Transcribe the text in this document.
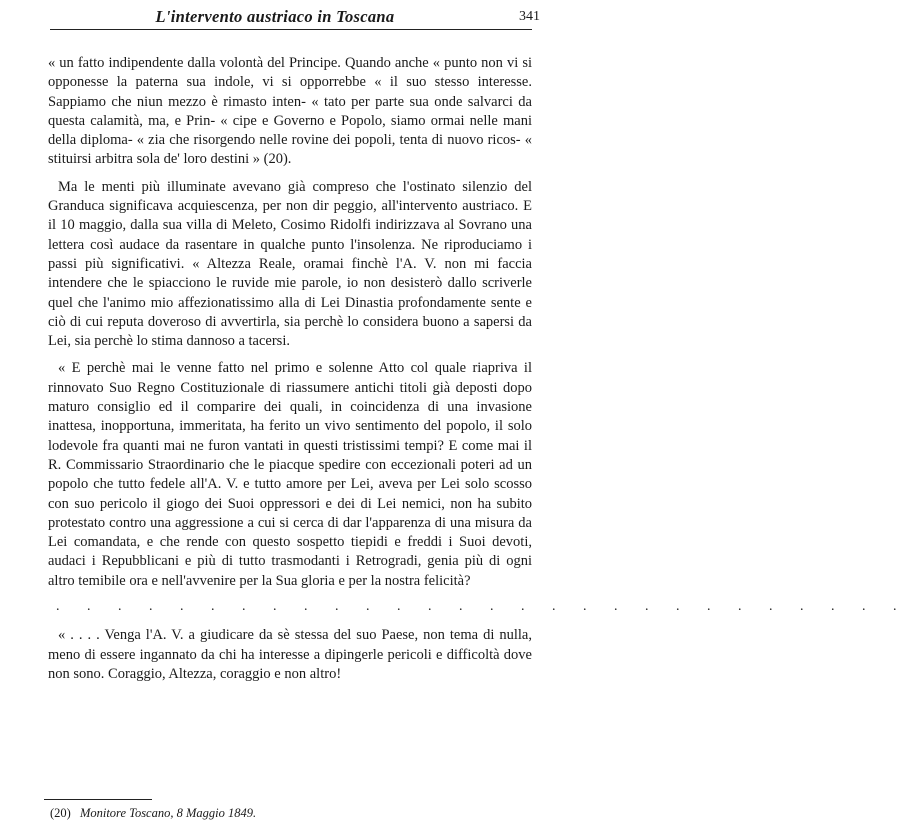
L'intervento austriaco in Toscana	341

« un fatto indipendente dalla volontà del Principe. Quando anche « punto non vi si opponesse la paterna sua indole, vi si opporrebbe « il suo stesso interesse. Sappiamo che niun mezzo è rimasto inten- « tato per parte sua onde salvarci da questa calamità, ma, e Prin- « cipe e Governo e Popolo, siamo ormai nelle mani della diploma- « zia che risorgendo nelle rovine dei popoli, tenta di nuovo ricos- « stituirsi arbitra sola de' loro destini » (20).

Ma le menti più illuminate avevano già compreso che l'ostinato silenzio del Granduca significava acquiescenza, per non dir peggio, all'intervento austriaco. E il 10 maggio, dalla sua villa di Meleto, Cosimo Ridolfi indirizzava al Sovrano una lettera così audace da rasentare in qualche punto l'insolenza. Ne riproduciamo i passi più significativi. « Altezza Reale, oramai finchè l'A. V. non mi faccia intendere che le spiacciono le ruvide mie parole, io non desisterò dallo scriverle quel che l'animo mio affezionatissimo alla di Lei Dinastia profondamente sente e ciò di cui reputa doveroso di avvertirla, sia perchè lo considera buono a sapersi da Lei, sia perchè lo stima dannoso a tacersi.

« E perchè mai le venne fatto nel primo e solenne Atto col quale riapriva il rinnovato Suo Regno Costituzionale di riassumere antichi titoli già deposti dopo maturo consiglio ed il comparire dei quali, in coincidenza di una invasione inattesa, inopportuna, immeritata, ha ferito un vivo sentimento del popolo, il solo lodevole fra quanti mai ne furon vantati in questi tristissimi tempi? E come mai il R. Commissario Straordinario che le piacque spedire con eccezionali poteri ad un popolo che tutto fedele all'A. V. e tutto amore per Lei, aveva per Lei solo scosso con suo pericolo il giogo dei Suoi oppressori e dei di Lei nemici, non ha subito protestato contro una aggressione a cui si cerca di dar l'apparenza di una misura da Lei comandata, e che rende con questo sospetto tiepidi e freddi i Suoi devoti, audaci i Repubblicani e più di tutto trasmodanti i Retrogradi, genia più di ogni altro temibile ora e nell'avvenire per la Sua gloria e per la nostra felicità?

. . . . . . . . . . . . . . . . . . . . . . . . . . . .

« . . . . Venga l'A. V. a giudicare da sè stessa del suo Paese, non tema di nulla, meno di essere ingannato da chi ha interesse a dipingerle pericoli e difficoltà dove non sono. Coraggio, Altezza, coraggio e non altro!

(20) Monitore Toscano, 8 Maggio 1849.
